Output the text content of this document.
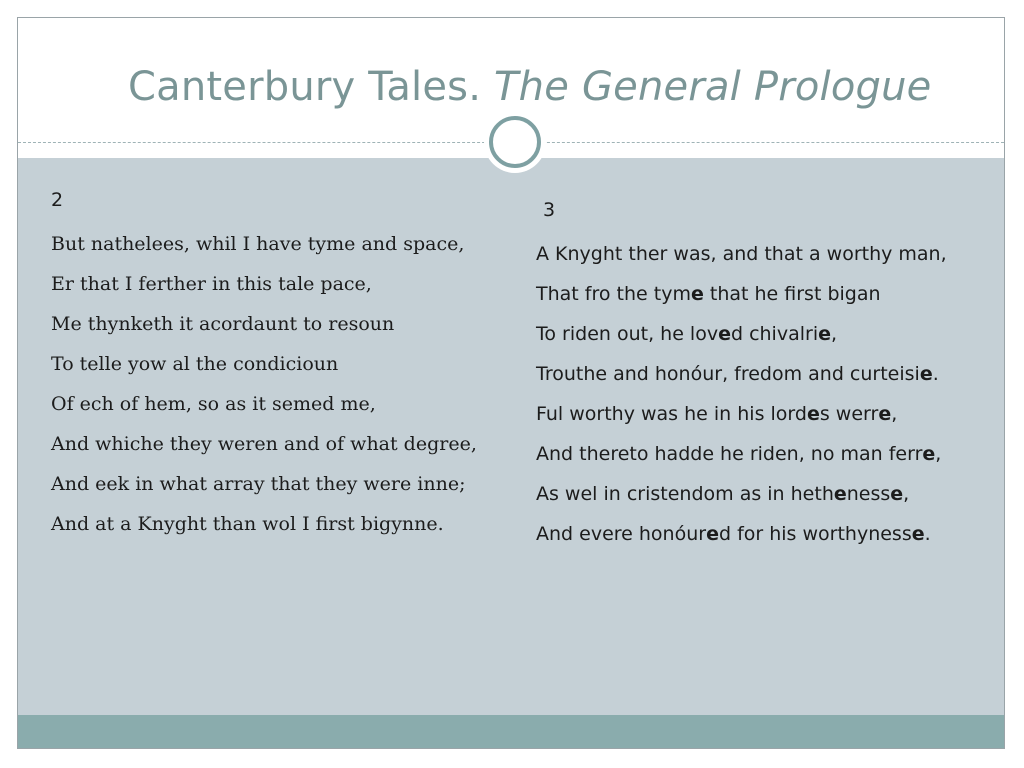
Canterbury Tales. The General Prologue
2
But nathelees, whil I have tyme and space,
Er that I ferther in this tale pace,
Me thynketh it acordaunt to resoun
To telle yow al the condicioun
Of ech of hem, so as it semed me,
And whiche they weren and of what degree,
And eek in what array that they were inne;
And at a Knyght than wol I first bigynne.
3
A Knyght ther was, and that a worthy man,
That fro the tyme that he first bigan
To riden out, he loved chivalrie,
Trouthe and honóur, fredom and curteisie.
Ful worthy was he in his lordes werre,
And thereto hadde he riden, no man ferre,
As wel in cristendom as in hethenesse,
And evere honóured for his worthynesse.
